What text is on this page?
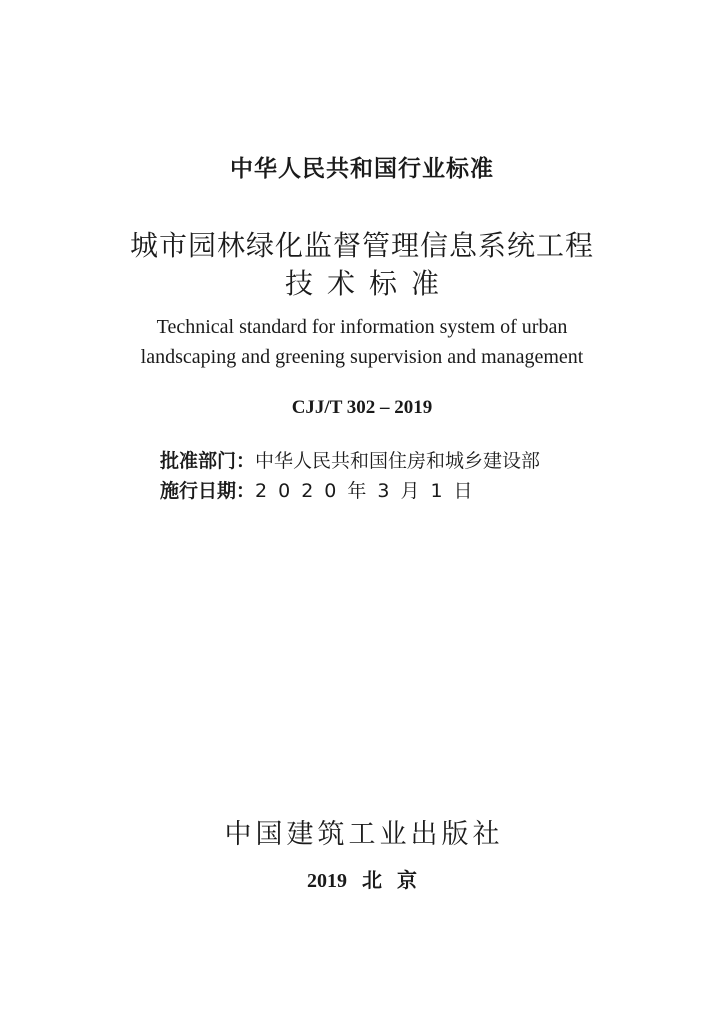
中华人民共和国行业标准
城市园林绿化监督管理信息系统工程
技术标准
Technical standard for information system of urban
landscaping and greening supervision and management
CJJ/T 302 – 2019
批准部门：中华人民共和国住房和城乡建设部
施行日期：2020年3月1日
中国建筑工业出版社
2019 北 京
